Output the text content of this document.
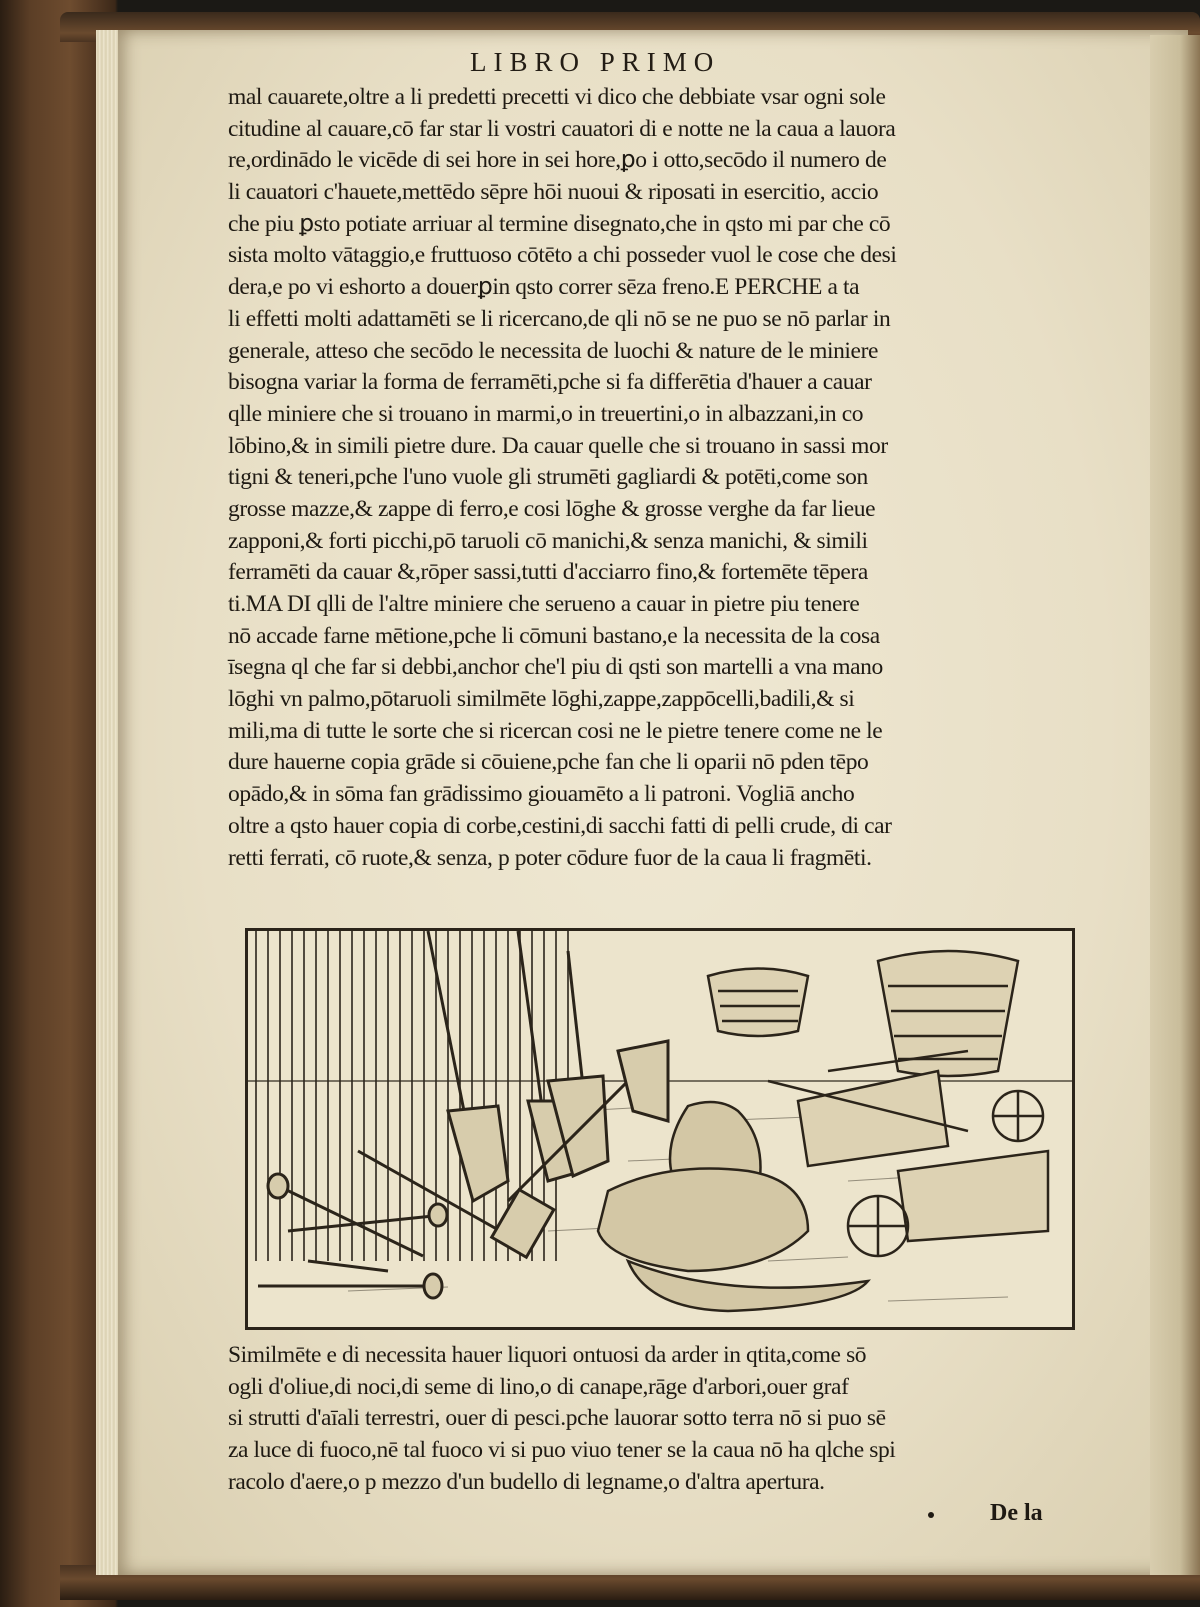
LIBRO PRIMO
mal cauarete,oltre a li predetti precetti vi dico che debbiate vsar ogni sole
citudine al cauare,cō far star li vostri cauatori di e notte ne la caua a lauora
re,ordinādo le vicēde di sei hore in sei hore,ꝑo i otto,secōdo il numero de
li cauatori c'hauete,mettēdo sēpre hōi nuoui & riposati in esercitio, accio
che piu ꝑsto potiate arriuar al termine disegnato,che in qsto mi par che cō
sista molto vātaggio,e fruttuoso cōtēto a chi posseder vuol le cose che desi
dera,e po vi eshorto a douerꝑin qsto correr sēza freno.E PERCHE a ta
li effetti molti adattamēti se li ricercano,de qli nō se ne puo se nō parlar in
generale, atteso che secōdo le necessita de luochi & nature de le miniere
bisogna variar la forma de ferramēti,pche si fa differētia d'hauer a cauar
qlle miniere che si trouano in marmi,o in treuertini,o in albazzani,in co
lōbino,& in simili pietre dure. Da cauar quelle che si trouano in sassi mor
tigni & teneri,pche l'uno vuole gli strumēti gagliardi & potēti,come son
grosse mazze,& zappe di ferro,e cosi lōghe & grosse verghe da far lieue
zapponi,& forti picchi,pō taruoli cō manichi,& senza manichi, & simili
ferramēti da cauar &,rōper sassi,tutti d'acciarro fino,& fortemēte tēpera
ti.MA DI qlli de l'altre miniere che serueno a cauar in pietre piu tenere
nō accade farne mētione,pche li cōmuni bastano,e la necessita de la cosa
īsegna ql che far si debbi,anchor che'l piu di qsti son martelli a vna mano
lōghi vn palmo,pōtaruoli similmēte lōghi,zappe,zappōcelli,badili,& si
mili,ma di tutte le sorte che si ricercan cosi ne le pietre tenere come ne le
dure hauerne copia grāde si cōuiene,pche fan che li oparii nō pden tēpo
opādo,& in sōma fan grādissimo giouamēto a li patroni. Vogliā ancho
oltre a qsto hauer copia di corbe,cestini,di sacchi fatti di pelli crude, di car
retti ferrati, cō ruote,& senza, p poter cōdure fuor de la caua li fragmēti.
Similmēte e di necessita hauer liquori ontuosi da arder in qtita,come sō
ogli d'oliue,di noci,di seme di lino,o di canape,rāge d'arbori,ouer graf
si strutti d'aīali terrestri, ouer di pesci.pche lauorar sotto terra nō si puo sē
za luce di fuoco,nē tal fuoco vi si puo viuo tener se la caua nō ha qlche spi
racolo d'aere,o p mezzo d'un budello di legname,o d'altra apertura.
De la
